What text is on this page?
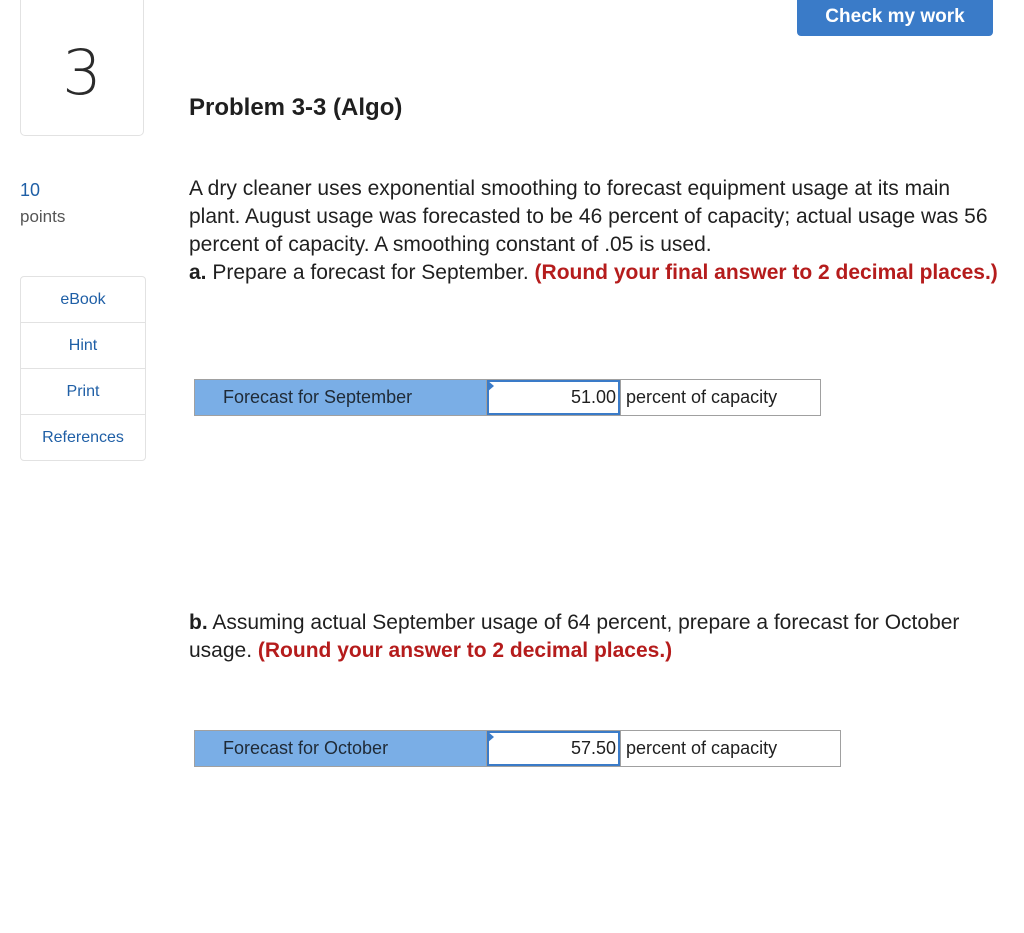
3
10
points
eBook
Hint
Print
References
Check my work
Problem 3-3 (Algo)
A dry cleaner uses exponential smoothing to forecast equipment usage at its main plant. August usage was forecasted to be 46 percent of capacity; actual usage was 56 percent of capacity. A smoothing constant of .05 is used.
a. Prepare a forecast for September. (Round your final answer to 2 decimal places.)
Forecast for September
51.00	percent of capacity
b. Assuming actual September usage of 64 percent, prepare a forecast for October usage. (Round your answer to 2 decimal places.)
Forecast for October
57.50	percent of capacity
